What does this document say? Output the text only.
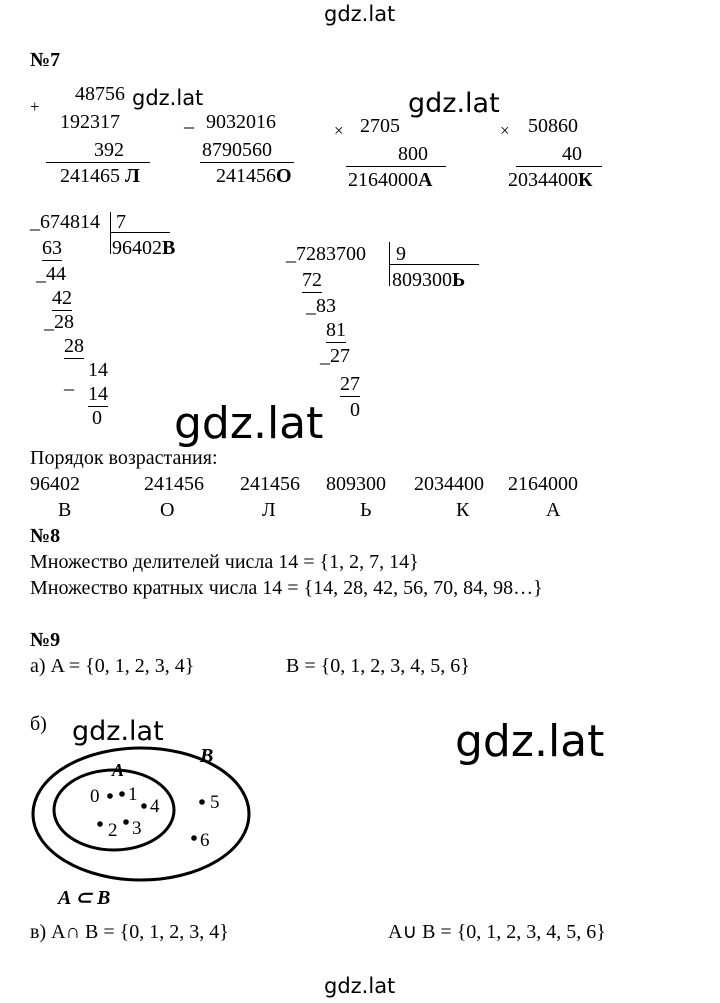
gdz.lat
gdz.lat	gdz.lat
gdz.lat
gdz.lat	gdz.lat
gdz.lat
№7
+
48756
192317
392
241465 Л
_ 9032016
8790560
241456О
× 2705
800
2164000А
× 50860
40
2034400К
_674814 7
96402В
63
_44
42
_28
28
14
_
14
0
_7283700 9
809300Ь
72
_83
81
_27
27
0
Порядок возрастания:
96402	241456 241456 809300 2034400 2164000
В	О	Л	Ь	К	А
№8
Множество делителей числа 14 = {1, 2, 7, 14}
Множество кратных числа 14 = {14, 28, 42, 56, 70, 84, 98…}
№9
а) A = {0, 1, 2, 3, 4}	B = {0, 1, 2, 3, 4, 5, 6}
б)
B
A
0 1
4
2 3
5
6
A ⊂ B
в) A∩ B = {0, 1, 2, 3, 4}	A∪ B = {0, 1, 2, 3, 4, 5, 6}
